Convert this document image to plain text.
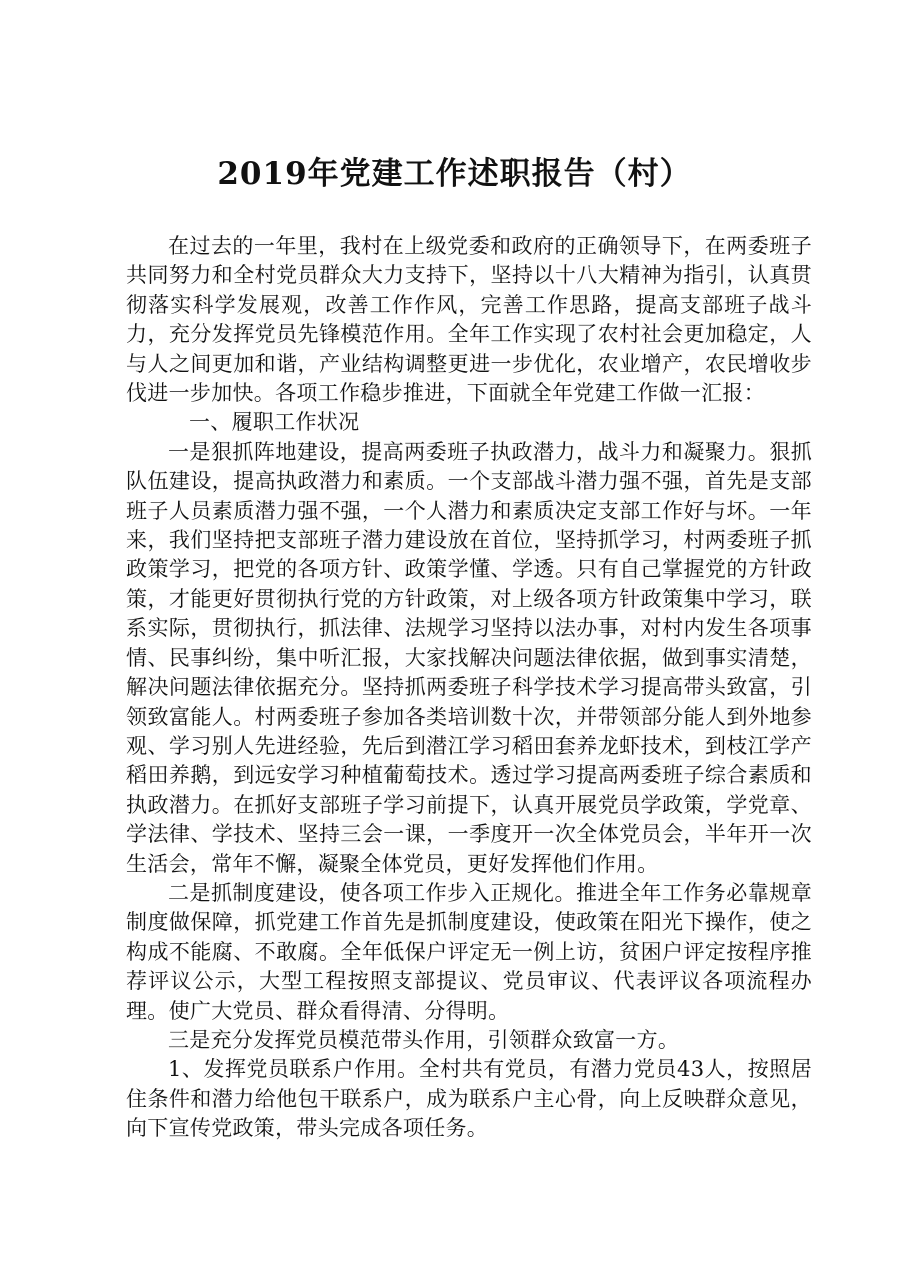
2019年党建工作述职报告（村）

在过去的一年里，我村在上级党委和政府的正确领导下，在两委班子共同努力和全村党员群众大力支持下，坚持以十八大精神为指引，认真贯彻落实科学发展观，改善工作作风，完善工作思路，提高支部班子战斗力，充分发挥党员先锋模范作用。全年工作实现了农村社会更加稳定，人与人之间更加和谐，产业结构调整更进一步优化，农业增产，农民增收步伐进一步加快。各项工作稳步推进，下面就全年党建工作做一汇报：

一、履职工作状况

一是狠抓阵地建设，提高两委班子执政潜力，战斗力和凝聚力。狠抓队伍建设，提高执政潜力和素质。一个支部战斗潜力强不强，首先是支部班子人员素质潜力强不强，一个人潜力和素质决定支部工作好与坏。一年来，我们坚持把支部班子潜力建设放在首位，坚持抓学习，村两委班子抓政策学习，把党的各项方针、政策学懂、学透。只有自己掌握党的方针政策，才能更好贯彻执行党的方针政策，对上级各项方针政策集中学习，联系实际，贯彻执行，抓法律、法规学习坚持以法办事，对村内发生各项事情、民事纠纷，集中听汇报，大家找解决问题法律依据，做到事实清楚，解决问题法律依据充分。坚持抓两委班子科学技术学习提高带头致富，引领致富能人。村两委班子参加各类培训数十次，并带领部分能人到外地参观、学习别人先进经验，先后到潜江学习稻田套养龙虾技术，到枝江学产稻田养鹅，到远安学习种植葡萄技术。透过学习提高两委班子综合素质和执政潜力。在抓好支部班子学习前提下，认真开展党员学政策，学党章、学法律、学技术、坚持三会一课，一季度开一次全体党员会，半年开一次生活会，常年不懈，凝聚全体党员，更好发挥他们作用。

二是抓制度建设，使各项工作步入正规化。推进全年工作务必靠规章制度做保障，抓党建工作首先是抓制度建设，使政策在阳光下操作，使之构成不能腐、不敢腐。全年低保户评定无一例上访，贫困户评定按程序推荐评议公示，大型工程按照支部提议、党员审议、代表评议各项流程办理。使广大党员、群众看得清、分得明。

三是充分发挥党员模范带头作用，引领群众致富一方。

1、发挥党员联系户作用。全村共有党员，有潜力党员43人，按照居住条件和潜力给他包干联系户，成为联系户主心骨，向上反映群众意见，向下宣传党政策，带头完成各项任务。
